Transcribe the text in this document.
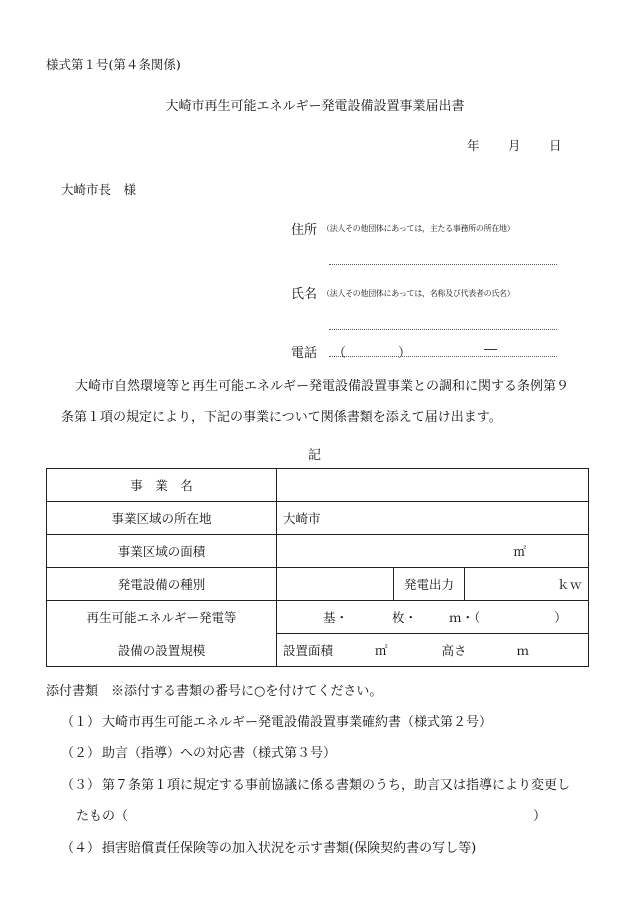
様式第１号(第４条関係)
大崎市再生可能エネルギー発電設備設置事業届出書
年 月 日
大崎市長　様
住所 （法人その他団体にあっては，主たる事務所の所在地）
氏名 （法人その他団体にあっては，名称及び代表者の氏名）
電話 （	）	―
大崎市自然環境等と再生可能エネルギー発電設備設置事業との調和に関する条例第９
条第１項の規定により，下記の事業について関係書類を添えて届け出ます。
記
事　業　名			
事業区域の所在地	大崎市		
事業区域の面積	㎡		
発電設備の種別		発電出力	ｋｗ
再生可能エネルギー発電等	基・ 枚・ ｍ・（ ）		
設備の設置規模	設置面積 ㎡ 高さ ｍ		
添付書類　※添付する書類の番号に○を付けてください。
（１） 大崎市再生可能エネルギー発電設備設置事業確約書（様式第２号）
（２） 助言（指導）への対応書（様式第３号）
（３） 第７条第１項に規定する事前協議に係る書類のうち，助言又は指導により変更し
たもの（	）
（４） 損害賠償責任保険等の加入状況を示す書類(保険契約書の写し等)
